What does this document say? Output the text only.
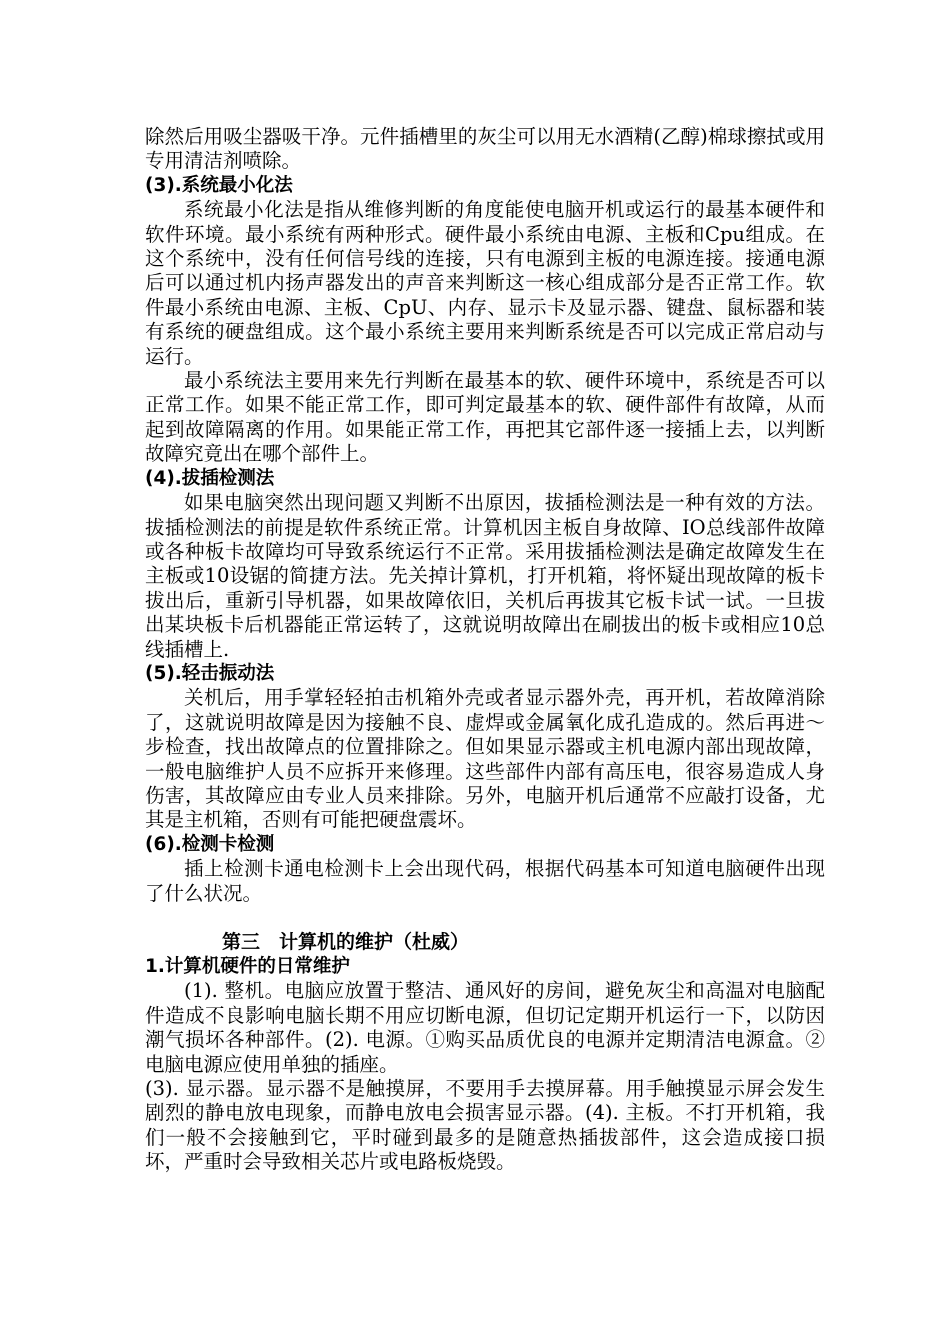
除然后用吸尘器吸干净。元件插槽里的灰尘可以用无水酒精(乙醇)棉球擦拭或用专用清洁剂喷除。

(3).系统最小化法

系统最小化法是指从维修判断的角度能使电脑开机或运行的最基本硬件和软件环境。最小系统有两种形式。硬件最小系统由电源、主板和Cpu组成。在这个系统中，没有任何信号线的连接，只有电源到主板的电源连接。接通电源后可以通过机内扬声器发出的声音来判断这一核心组成部分是否正常工作。软件最小系统由电源、主板、CpU、内存、显示卡及显示器、键盘、鼠标器和装有系统的硬盘组成。这个最小系统主要用来判断系统是否可以完成正常启动与运行。

最小系统法主要用来先行判断在最基本的软、硬件环境中，系统是否可以正常工作。如果不能正常工作，即可判定最基本的软、硬件部件有故障，从而起到故障隔离的作用。如果能正常工作，再把其它部件逐一接插上去，以判断故障究竟出在哪个部件上。

(4).拔插检测法

如果电脑突然出现问题又判断不出原因，拔插检测法是一种有效的方法。拔插检测法的前提是软件系统正常。计算机因主板自身故障、IO总线部件故障或各种板卡故障均可导致系统运行不正常。采用拔插检测法是确定故障发生在主板或10设锯的简捷方法。先关掉计算机，打开机箱，将怀疑出现故障的板卡拔出后，重新引导机器，如果故障依旧，关机后再拔其它板卡试一试。一旦拔出某块板卡后机器能正常运转了，这就说明故障出在刷拔出的板卡或相应10总线插槽上.

(5).轻击振动法

关机后，用手掌轻轻拍击机箱外壳或者显示器外壳，再开机，若故障消除了，这就说明故障是因为接触不良、虚焊或金属氧化成孔造成的。然后再进～步检查，找出故障点的位置排除之。但如果显示器或主机电源内部出现故障，一般电脑维护人员不应拆开来修理。这些部件内部有高压电，很容易造成人身伤害，其故障应由专业人员来排除。另外，电脑开机后通常不应敲打设备，尤其是主机箱，否则有可能把硬盘震坏。

(6).检测卡检测

插上检测卡通电检测卡上会出现代码，根据代码基本可知道电脑硬件出现了什么状况。

第三　计算机的维护（杜威）
1.计算机硬件的日常维护

(1). 整机。电脑应放置于整洁、通风好的房间，避免灰尘和高温对电脑配件造成不良影响电脑长期不用应切断电源，但切记定期开机运行一下，以防因潮气损坏各种部件。(2). 电源。①购买品质优良的电源并定期清洁电源盒。②电脑电源应使用单独的插座。

(3). 显示器。显示器不是触摸屏，不要用手去摸屏幕。用手触摸显示屏会发生剧烈的静电放电现象，而静电放电会损害显示器。(4). 主板。不打开机箱，我们一般不会接触到它，平时碰到最多的是随意热插拔部件，这会造成接口损坏，严重时会导致相关芯片或电路板烧毁。
